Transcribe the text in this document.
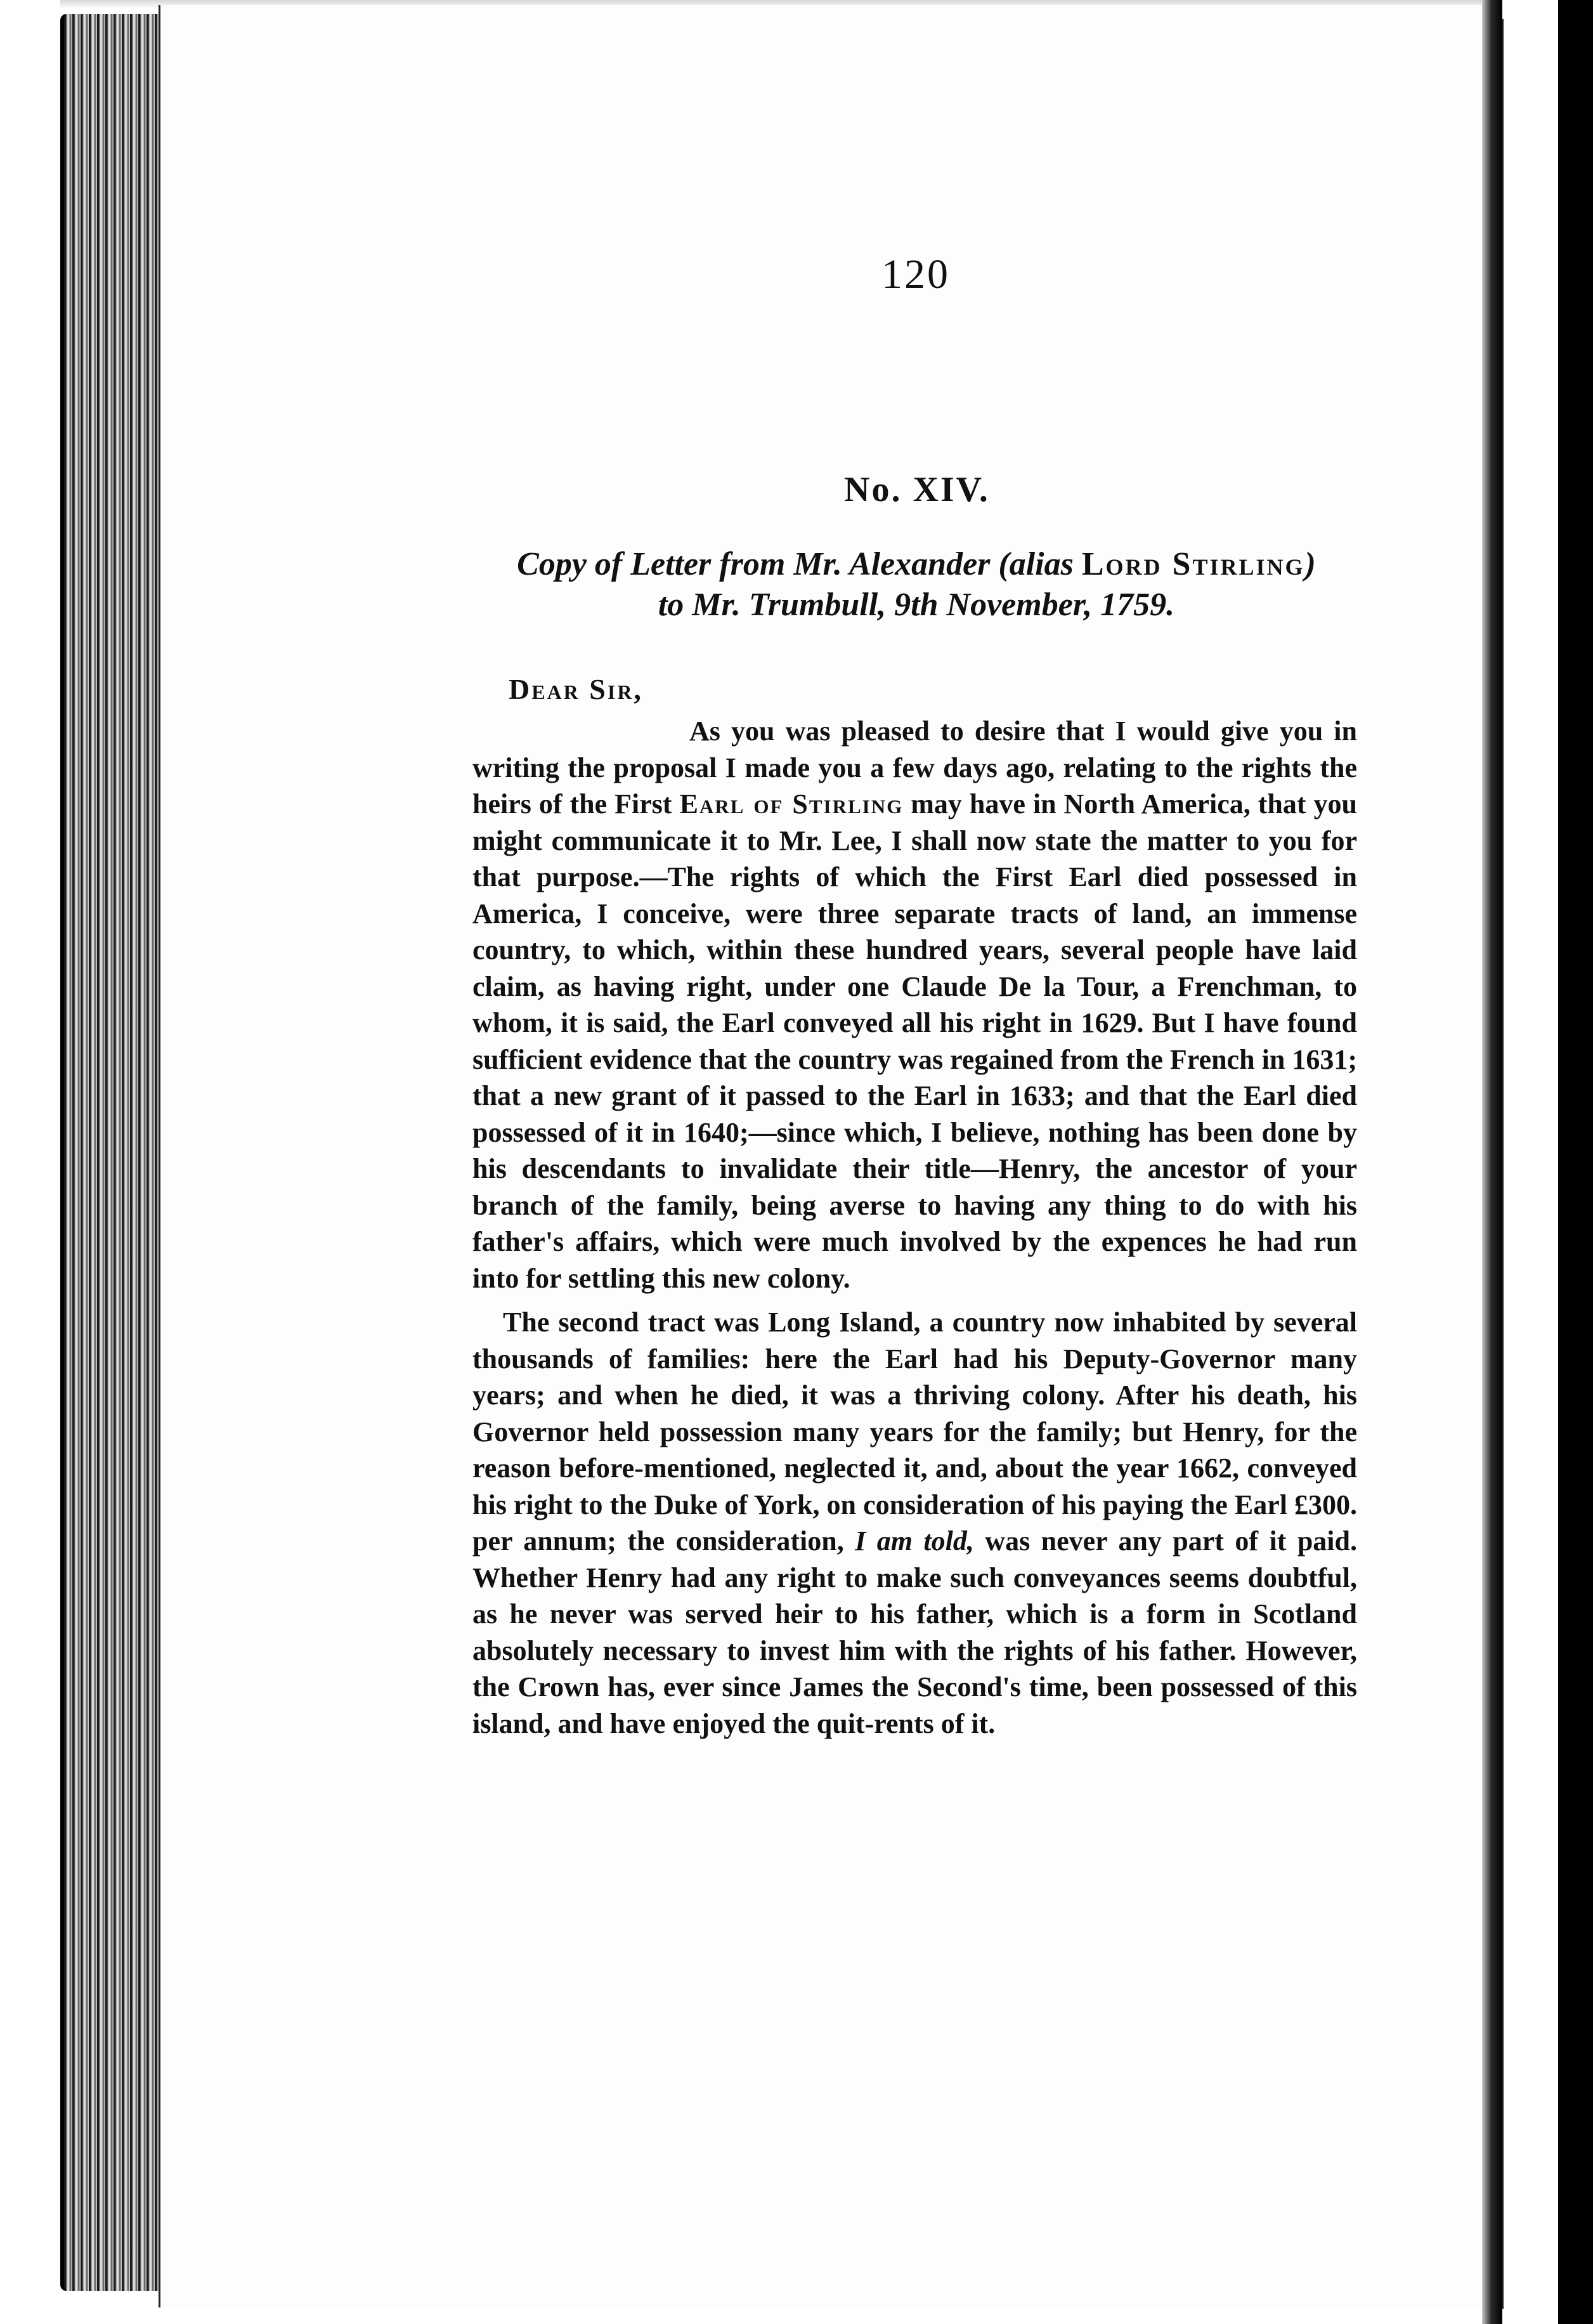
120
No. XIV.
Copy of Letter from Mr. Alexander (alias Lord Stirling)
to Mr. Trumbull, 9th November, 1759.
Dear Sir,

As you was pleased to desire that I would give you in writing the proposal I made you a few days ago, relating to the rights the heirs of the First Earl of Stirling may have in North America, that you might communicate it to Mr. Lee, I shall now state the matter to you for that purpose.—The rights of which the First Earl died possessed in America, I conceive, were three separate tracts of land, an immense country, to which, within these hundred years, several people have laid claim, as having right, under one Claude De la Tour, a Frenchman, to whom, it is said, the Earl conveyed all his right in 1629. But I have found sufficient evidence that the country was regained from the French in 1631; that a new grant of it passed to the Earl in 1633; and that the Earl died possessed of it in 1640;—since which, I believe, nothing has been done by his descendants to invalidate their title—Henry, the ancestor of your branch of the family, being averse to having any thing to do with his father's affairs, which were much involved by the expences he had run into for settling this new colony.

The second tract was Long Island, a country now inhabited by several thousands of families: here the Earl had his Deputy-Governor many years; and when he died, it was a thriving colony. After his death, his Governor held possession many years for the family; but Henry, for the reason before-mentioned, neglected it, and, about the year 1662, conveyed his right to the Duke of York, on consideration of his paying the Earl £300. per annum; the consideration, I am told, was never any part of it paid. Whether Henry had any right to make such conveyances seems doubtful, as he never was served heir to his father, which is a form in Scotland absolutely necessary to invest him with the rights of his father. However, the Crown has, ever since James the Second's time, been possessed of this island, and have enjoyed the quit-rents of it.
